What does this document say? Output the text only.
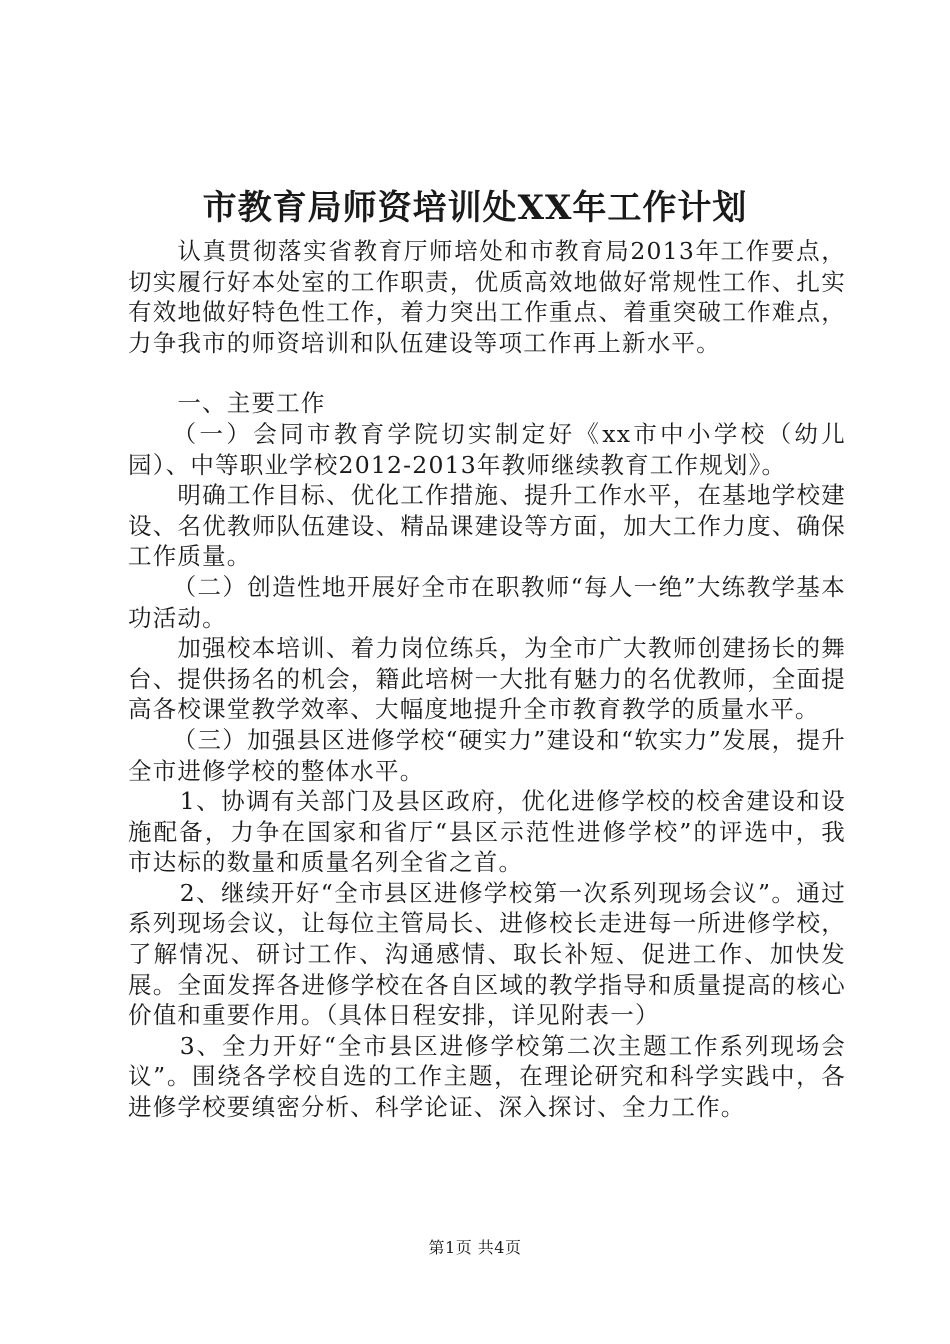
市教育局师资培训处XX年工作计划

认真贯彻落实省教育厅师培处和市教育局2013年工作要点，切实履行好本处室的工作职责，优质高效地做好常规性工作、扎实有效地做好特色性工作，着力突出工作重点、着重突破工作难点，力争我市的师资培训和队伍建设等项工作再上新水平。

一、主要工作

（一）会同市教育学院切实制定好《xx市中小学校（幼儿园）、中等职业学校2012-2013年教师继续教育工作规划》。

明确工作目标、优化工作措施、提升工作水平，在基地学校建设、名优教师队伍建设、精品课建设等方面，加大工作力度、确保工作质量。

（二）创造性地开展好全市在职教师“每人一绝”大练教学基本功活动。

加强校本培训、着力岗位练兵，为全市广大教师创建扬长的舞台、提供扬名的机会，籍此培树一大批有魅力的名优教师，全面提高各校课堂教学效率、大幅度地提升全市教育教学的质量水平。

（三）加强县区进修学校“硬实力”建设和“软实力”发展，提升全市进修学校的整体水平。

1、协调有关部门及县区政府，优化进修学校的校舍建设和设施配备，力争在国家和省厅“县区示范性进修学校”的评选中，我市达标的数量和质量名列全省之首。

2、继续开好“全市县区进修学校第一次系列现场会议”。通过系列现场会议，让每位主管局长、进修校长走进每一所进修学校，了解情况、研讨工作、沟通感情、取长补短、促进工作、加快发展。全面发挥各进修学校在各自区域的教学指导和质量提高的核心价值和重要作用。（具体日程安排，详见附表一）

3、全力开好“全市县区进修学校第二次主题工作系列现场会议”。围绕各学校自选的工作主题，在理论研究和科学实践中，各进修学校要缜密分析、科学论证、深入探讨、全力工作。

第1页 共4页
